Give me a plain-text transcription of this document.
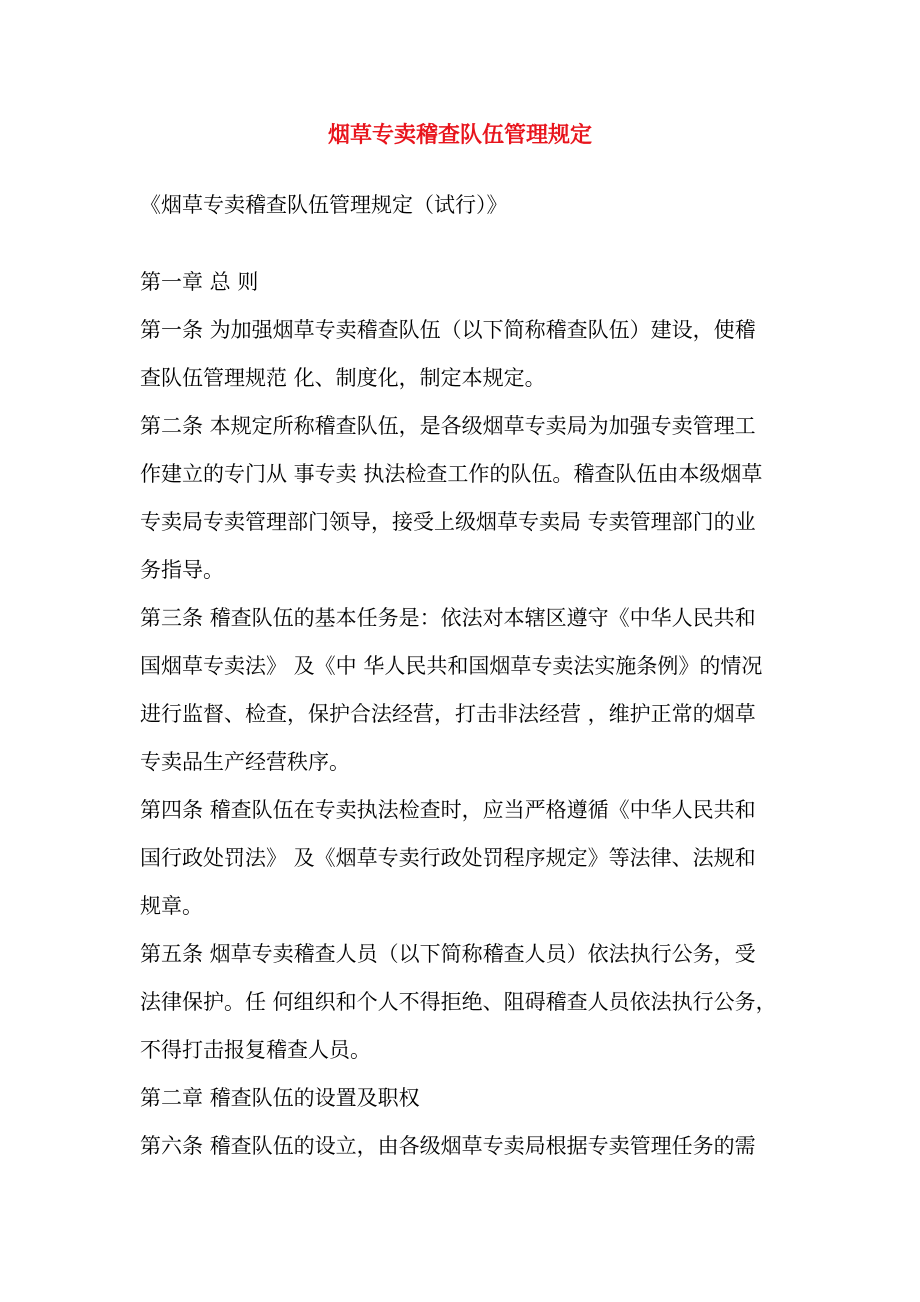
烟草专卖稽查队伍管理规定
《烟草专卖稽查队伍管理规定（试行）》
第一章 总 则
第一条 为加强烟草专卖稽查队伍（以下简称稽查队伍）建设，使稽
查队伍管理规范 化、制度化，制定本规定。
第二条 本规定所称稽查队伍，是各级烟草专卖局为加强专卖管理工
作建立的专门从 事专卖 执法检查工作的队伍。稽查队伍由本级烟草
专卖局专卖管理部门领导，接受上级烟草专卖局 专卖管理部门的业
务指导。
第三条 稽查队伍的基本任务是：依法对本辖区遵守《中华人民共和
国烟草专卖法》 及《中 华人民共和国烟草专卖法实施条例》的情况
进行监督、检查，保护合法经营，打击非法经营 ，维护正常的烟草
专卖品生产经营秩序。
第四条 稽查队伍在专卖执法检查时，应当严格遵循《中华人民共和
国行政处罚法》 及《烟草专卖行政处罚程序规定》等法律、法规和
规章。
第五条 烟草专卖稽查人员（以下简称稽查人员）依法执行公务，受
法律保护。任 何组织和个人不得拒绝、阻碍稽查人员依法执行公务，
不得打击报复稽查人员。
第二章 稽查队伍的设置及职权
第六条 稽查队伍的设立，由各级烟草专卖局根据专卖管理任务的需
